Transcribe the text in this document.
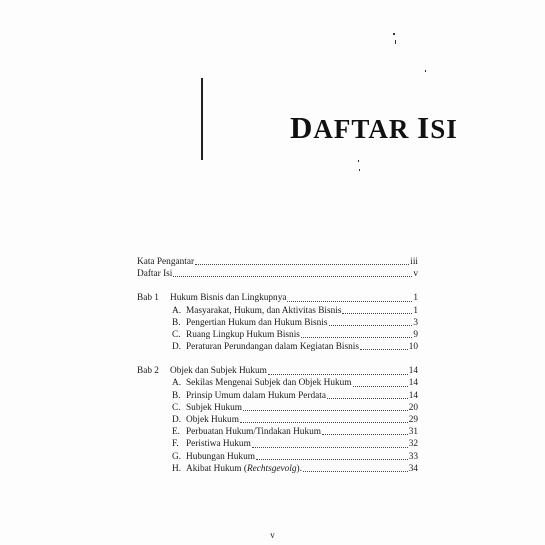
DAFTAR ISI
Kata Pengantar	iii
Daftar Isi	v
Bab 1 Hukum Bisnis dan Lingkupnya	1
A. Masyarakat, Hukum, dan Aktivitas Bisnis	1
B. Pengertian Hukum dan Hukum Bisnis	3
C. Ruang Lingkup Hukum Bisnis	9
D. Peraturan Perundangan dalam Kegiatan Bisnis	10
Bab 2 Objek dan Subjek Hukum	14
A. Sekilas Mengenai Subjek dan Objek Hukum	14
B. Prinsip Umum dalam Hukum Perdata	14
C. Subjek Hukum	20
D. Objek Hukum	29
E. Perbuatan Hukum/Tindakan Hukum	31
F. Peristiwa Hukum	32
G. Hubungan Hukum	33
H. Akibat Hukum (Rechtsgevolg).	34
v
